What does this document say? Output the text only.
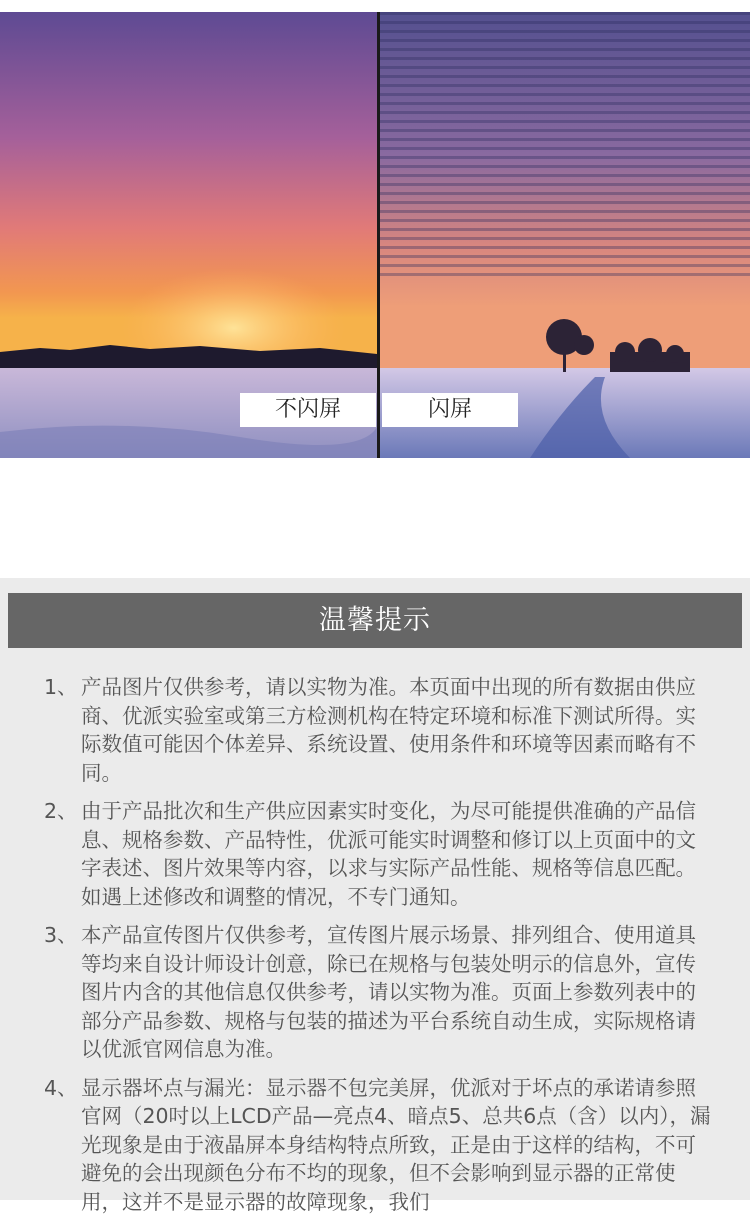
不闪屏	闪屏
温馨提示
1、 产品图片仅供参考，请以实物为准。本页面中出现的所有数据由供应商、优派实验室或第三方检测机构在特定环境和标准下测试所得。实际数值可能因个体差异、系统设置、使用条件和环境等因素而略有不同。
2、 由于产品批次和生产供应因素实时变化，为尽可能提供准确的产品信息、规格参数、产品特性，优派可能实时调整和修订以上页面中的文字表述、图片效果等内容，以求与实际产品性能、规格等信息匹配。如遇上述修改和调整的情况，不专门通知。
3、 本产品宣传图片仅供参考，宣传图片展示场景、排列组合、使用道具等均来自设计师设计创意，除已在规格与包装处明示的信息外，宣传图片内含的其他信息仅供参考，请以实物为准。页面上参数列表中的部分产品参数、规格与包装的描述为平台系统自动生成，实际规格请以优派官网信息为准。
4、 显示器坏点与漏光：显示器不包完美屏，优派对于坏点的承诺请参照官网（20吋以上LCD产品—亮点4、暗点5、总共6点（含）以内），漏光现象是由于液晶屏本身结构特点所致，正是由于这样的结构，不可避免的会出现颜色分布不均的现象，但不会影响到显示器的正常使用，这并不是显示器的故障现象，我们
